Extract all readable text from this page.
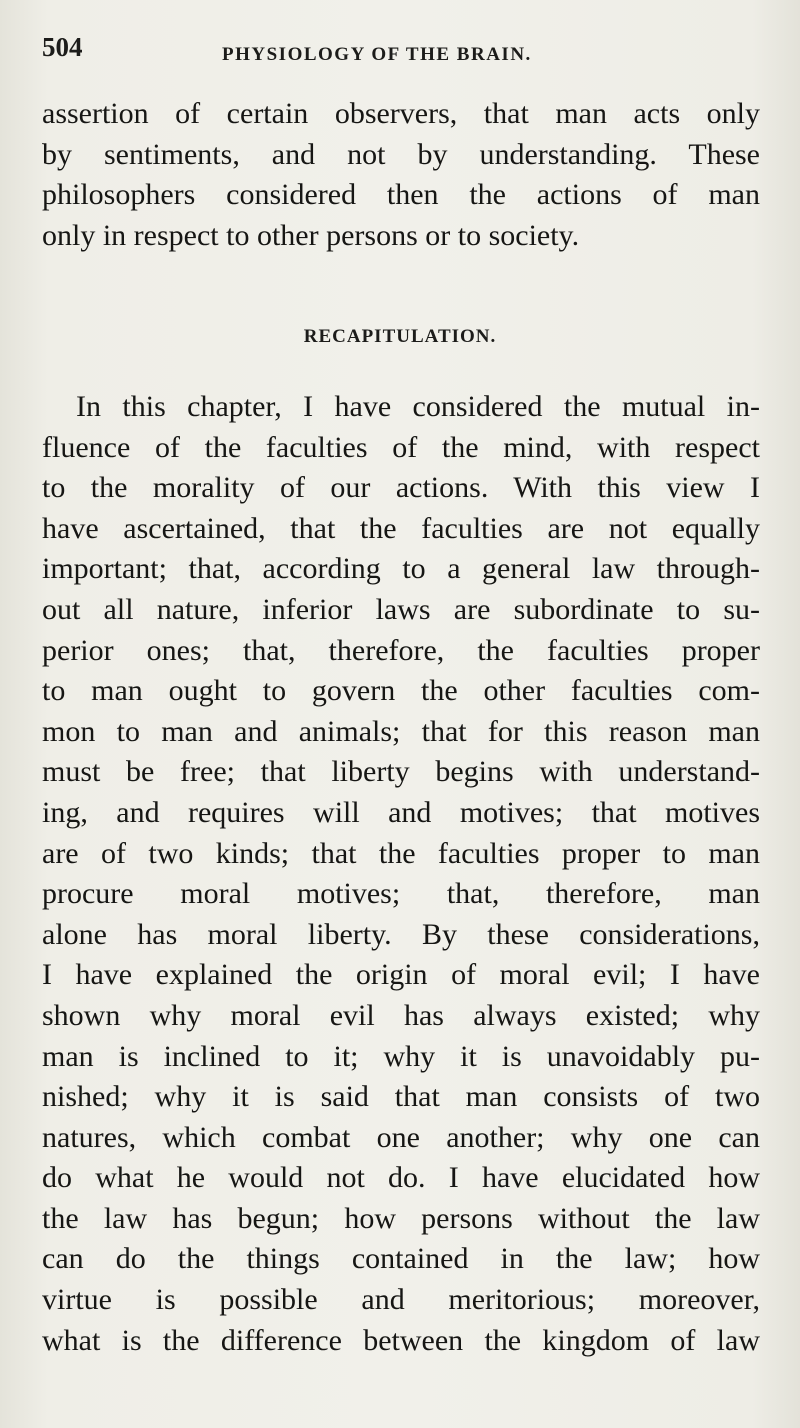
504	PHYSIOLOGY OF THE BRAIN.
assertion of certain observers, that man acts only
by sentiments, and not by understanding. These
philosophers considered then the actions of man
only in respect to other persons or to society.
RECAPITULATION.
In this chapter, I have considered the mutual in-
fluence of the faculties of the mind, with respect
to the morality of our actions. With this view I
have ascertained, that the faculties are not equally
important; that, according to a general law through-
out all nature, inferior laws are subordinate to su-
perior ones; that, therefore, the faculties proper
to man ought to govern the other faculties com-
mon to man and animals; that for this reason man
must be free; that liberty begins with understand-
ing, and requires will and motives; that motives
are of two kinds; that the faculties proper to man
procure moral motives; that, therefore, man
alone has moral liberty. By these considerations,
I have explained the origin of moral evil; I have
shown why moral evil has always existed; why
man is inclined to it; why it is unavoidably pu-
nished; why it is said that man consists of two
natures, which combat one another; why one can
do what he would not do. I have elucidated how
the law has begun; how persons without the law
can do the things contained in the law; how
virtue is possible and meritorious; moreover,
what is the difference between the kingdom of law
